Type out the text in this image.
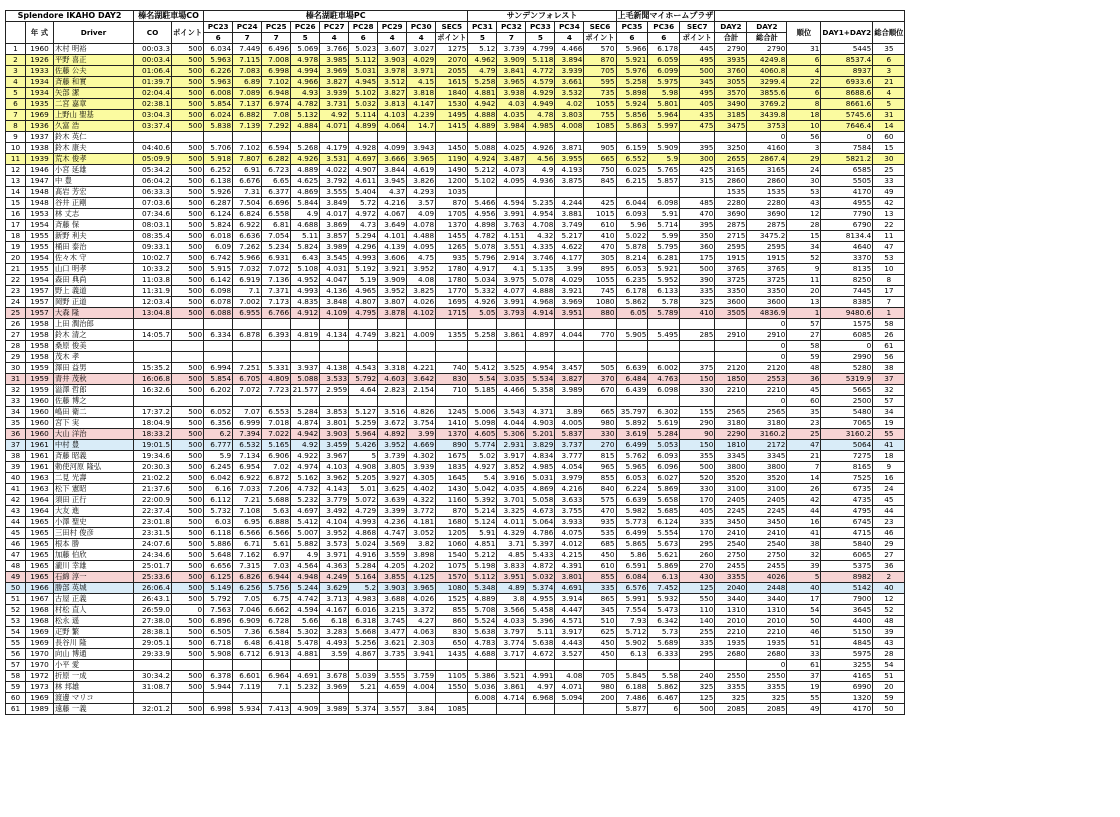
Splendore IKAHO DAY2			榛名湖駐車場CO		榛名湖駐車場PC									サンデンフォレスト					上毛新聞マイホームプラザ							
	年 式	Driver	CO	ポイント	PC23	PC24	PC25	PC26	PC27	PC28	PC29	PC30	SEC5	PC31	PC32	PC33	PC34	SEC6	PC35	PC36	SEC7	DAY2	DAY2	順位	DAY1+DAY2	総合順位
					6	7	7	5	4	6	4	4	ポイント	5	7	5	4	ポイント	6	6	ポイント	合計	総合計			
1	1960	木村 明裕	00:03.3	500	6.034	7.449	6.496	5.069	3.766	5.023	3.607	3.027	1275	5.12	3.739	4.799	4.466	570	5.966	6.178	445	2790	2790	31	5445	35
2	1926	平野 喜正	00:03.4	500	5.963	7.115	7.008	4.978	3.985	5.112	3.903	4.029	2070	4.962	3.909	5.118	3.894	870	5.921	6.059	495	3935	4249.8	6	8537.4	6
3	1933	佐藤 公夫	01:06.4	500	6.226	7.083	6.998	4.994	3.969	5.031	3.978	3.971	2055	4.79	3.841	4.772	3.939	705	5.976	6.099	500	3760	4060.8	4	8937	3
4	1934	斉藤 和實	01:39.7	500	5.963	6.89	7.102	4.966	3.827	4.945	3.512	4.15	1615	5.258	3.965	4.579	3.661	595	5.258	5.975	345	3055	3299.4	22	6933.6	21
5	1934	矢部 潔	02:04.4	500	6.008	7.089	6.948	4.93	3.939	5.102	3.827	3.818	1840	4.881	3.938	4.929	3.532	735	5.898	5.98	495	3570	3855.6	6	8688.6	4
6	1935	二宮 嘉章	02:38.1	500	5.854	7.137	6.974	4.782	3.731	5.032	3.813	4.147	1530	4.942	4.03	4.949	4.02	1055	5.924	5.801	405	3490	3769.2	8	8661.6	5
7	1969	上野山 聖基	03:04.3	500	6.024	6.882	7.08	5.132	4.92	5.114	4.103	4.239	1495	4.888	4.035	4.78	3.803	755	5.856	5.964	435	3185	3439.8	18	5745.6	31
8	1936	久富 浩	03:37.4	500	5.838	7.139	7.292	4.884	4.071	4.899	4.064	14.7	1415	4.889	3.984	4.985	4.008	1085	5.863	5.997	475	3475	3753	10	7646.4	14
9	1937	鈴木 英仁																					0	56	0	60
10	1938	鈴木 康夫	04:40.6	500	5.706	7.102	6.594	5.268	4.179	4.928	4.099	3.943	1450	5.088	4.025	4.926	3.871	905	6.159	5.909	395	3250	4160	3	7584	15
11	1939	荒木 俊孝	05:09.9	500	5.918	7.807	6.282	4.926	3.531	4.697	3.666	3.965	1190	4.924	3.487	4.56	3.955	665	6.552	5.9	300	2655	2867.4	29	5821.2	30
12	1946	小宮 延雄	05:34.2	500	6.252	6.91	6.723	4.889	4.022	4.907	3.844	4.619	1490	5.212	4.073	4.9	4.193	750	6.025	5.765	425	3165	3165	24	6585	25
13	1947	中 豊	06:04.2	500	6.138	6.676	6.65	4.625	3.792	4.611	3.945	3.826	1200	5.102	4.095	4.936	3.875	845	6.215	5.857	315	2860	2860	30	5505	33
14	1948	髙岩 芳宏	06:33.3	500	5.926	7.31	6.377	4.869	3.555	5.404	4.37	4.293	1035									1535	1535	53	4170	49
15	1948	谷井 正剛	07:03.6	500	6.287	7.504	6.696	5.844	3.849	5.72	4.216	3.57	870	5.466	4.594	5.235	4.244	425	6.044	6.098	485	2280	2280	43	4955	42
16	1953	林 丈志	07:34.6	500	6.124	6.824	6.558	4.9	4.017	4.972	4.067	4.09	1705	4.956	3.991	4.954	3.881	1015	6.093	5.91	470	3690	3690	12	7790	13
17	1954	斉藤 保	08:03.1	500	5.824	6.922	6.81	4.688	3.869	4.73	3.649	4.078	1370	4.898	3.763	4.708	3.749	610	5.96	5.714	395	2875	2875	28	6790	22
18	1955	新野 利夫	08:35.4	500	6.018	6.636	7.054	5.11	3.857	5.294	4.101	4.488	1455	4.782	4.151	4.32	5.217	410	5.022	5.99	350	2715	3475.2	15	8134.4	11
19	1955	桶田 泰治	09:33.1	500	6.09	7.262	5.234	5.824	3.989	4.296	4.139	4.095	1265	5.078	3.551	4.335	4.622	470	5.878	5.795	360	2595	2595	34	4640	47
20	1954	佐々木 守	10:02.7	500	6.742	5.966	6.931	6.43	3.545	4.993	3.606	4.75	935	5.796	2.914	3.746	4.177	305	8.214	6.281	175	1915	1915	52	3370	53
21	1955	山口 明孝	10:33.2	500	5.915	7.032	7.072	5.108	4.031	5.192	3.921	3.952	1780	4.917	4.1	5.135	3.99	895	6.053	5.921	500	3765	3765	9	8135	10
22	1954	森田 典尚	11:03.8	500	6.142	6.919	7.136	4.952	4.047	5.19	3.909	4.08	1780	5.034	3.975	5.078	4.029	1055	6.235	5.952	390	3725	3725	11	8250	8
23	1957	野上 義道	11:31.9	500	6.098	7.1	7.371	4.993	4.136	4.965	3.952	3.825	1770	5.332	4.077	4.888	3.921	745	6.178	6.133	335	3350	3350	20	7445	17
24	1957	岡野 正道	12:03.4	500	6.078	7.002	7.173	4.835	3.848	4.807	3.807	4.026	1695	4.926	3.991	4.968	3.969	1080	5.862	5.78	325	3600	3600	13	8385	7
25	1957	大森 隆	13:04.8	500	6.088	6.955	6.766	4.912	4.109	4.795	3.878	4.102	1715	5.05	3.793	4.914	3.951	880	6.05	5.789	410	3505	4836.9	1	9480.6	1
26	1958	上田 潤治郎																					0	57	1575	58
27	1958	鈴木 清之	14:05.7	500	6.334	6.878	6.393	4.819	4.134	4.749	3.821	4.009	1355	5.258	3.861	4.897	4.044	770	5.905	5.495	285	2910	2910	27	6085	26
28	1958	桑原 俊美																					0	58	0	61
29	1958	茂木 孝																					0	59	2990	56
30	1959	澤田 益男	15:35.2	500	6.994	7.251	5.331	3.937	4.138	4.543	3.318	4.221	740	5.412	3.525	4.954	3.457	505	6.639	6.002	375	2120	2120	48	5280	38
31	1959	青井 茂秋	16:06.8	500	5.854	6.705	4.809	5.088	3.533	5.792	4.603	3.642	830	5.54	3.035	5.534	3.827	370	6.484	4.763	150	1850	2553	36	5319.9	37
32	1959	溢澤 哲郎	16:32.6	500	6.202	7.072	7.723	21.577	2.959	4.64	2.823	2.154	710	5.185	4.466	5.358	3.989	670	6.439	6.098	330	2210	2210	45	5665	32
33	1960	佐藤 博之																					0	60	2500	57
34	1960	嶋田 衛二	17:37.2	500	6.052	7.07	6.553	5.284	3.853	5.127	3.516	4.826	1245	5.006	3.543	4.371	3.89	665	35.797	6.302	155	2565	2565	35	5480	34
35	1960	宮下 実	18:04.9	500	6.356	6.999	7.018	4.874	3.801	5.259	3.672	3.754	1410	5.098	4.044	4.903	4.005	980	5.892	5.619	290	3180	3180	23	7065	19
36	1960	大山 洋治	18:33.2	500	6.2	7.394	7.022	4.942	3.903	5.964	4.892	3.99	1370	4.605	5.306	5.201	5.837	330	3.619	5.284	90	2290	3160.2	25	3160.2	55
37	1961	中村 豊	19:01.5	500	6.777	6.532	5.165	4.92	3.459	5.426	3.952	4.669	890	5.774	2.931	3.829	3.737	270	6.499	5.053	150	1810	2172	47	5064	41
38	1961	斉藤 昭義	19:34.6	500	5.9	7.134	6.906	4.922	3.967	5	3.739	4.302	1675	5.02	3.917	4.834	3.777	815	5.762	6.093	355	3345	3345	21	7275	18
39	1961	勅使河原 隆弘	20:30.3	500	6.245	6.954	7.02	4.974	4.103	4.908	3.805	3.939	1835	4.927	3.852	4.985	4.054	965	5.965	6.096	500	3800	3800	7	8165	9
40	1963	二見 光壽	21:02.2	500	6.042	6.922	6.872	5.162	3.962	5.205	3.927	4.305	1645	5.4	3.916	5.031	3.979	855	6.053	6.027	520	3520	3520	14	7525	16
41	1963	松下 憲昭	21:37.6	500	6.16	7.033	7.206	4.732	4.143	5.01	3.625	4.402	1430	5.042	4.035	4.869	4.216	840	6.224	5.869	330	3100	3100	26	6735	24
42	1964	須田 正行	22:00.9	500	6.112	7.21	5.688	5.232	3.779	5.072	3.639	4.322	1160	5.392	3.701	5.058	3.633	575	6.639	5.658	170	2405	2405	42	4735	45
43	1964	大友 進	22:37.4	500	5.732	7.108	5.63	4.697	3.492	4.729	3.399	3.772	870	5.214	3.325	4.673	3.755	470	5.982	5.685	405	2245	2245	44	4795	44
44	1965	小澤 聖史	23:01.8	500	6.03	6.95	6.888	5.412	4.104	4.993	4.236	4.181	1680	5.124	4.011	5.064	3.933	935	5.773	6.124	335	3450	3450	16	6745	23
45	1965	三田村 俊彦	23:31.5	500	6.118	6.566	6.566	5.007	3.952	4.868	4.747	3.052	1205	5.91	4.329	4.786	4.075	535	6.499	5.554	170	2410	2410	41	4715	46
46	1965	根本 勝	24:07.6	500	5.886	6.71	5.61	5.882	3.573	5.024	3.569	3.82	1060	4.851	3.71	5.397	4.012	685	5.865	5.673	295	2540	2540	38	5840	29
47	1965	加藤 伯欣	24:34.6	500	5.648	7.162	6.97	4.9	3.971	4.916	3.559	3.898	1540	5.212	4.85	5.433	4.215	450	5.86	5.621	260	2750	2750	32	6065	27
48	1965	瀧川 幸雄	25:01.7	500	6.656	7.315	7.03	4.564	4.363	5.284	4.205	4.202	1075	5.198	3.833	4.872	4.391	610	6.591	5.869	270	2455	2455	39	5375	36
49	1965	石綿 淳一	25:33.6	500	6.125	6.826	6.944	4.948	4.249	5.164	3.855	4.125	1570	5.112	3.951	5.032	3.801	855	6.084	6.13	430	3355	4026	5	8982	2
50	1966	勝部 英城	26:06.4	500	5.149	6.256	5.756	5.244	3.629	5.2	3.903	3.965	1080	5.348	4.89	5.374	4.691	335	6.576	7.452	125	2040	2448	40	5142	40
51	1967	古屋 正義	26:43.1	500	5.792	7.05	6.75	4.742	3.713	4.983	3.688	4.026	1525	4.889	3.8	4.955	3.914	865	5.991	5.932	550	3440	3440	17	7900	12
52	1968	村松 直人	26:59.0	0	7.563	7.046	6.662	4.594	4.167	6.016	3.215	3.372	855	5.708	3.566	5.458	4.447	345	7.554	5.473	110	1310	1310	54	3645	52
53	1968	松永 遥	27:38.0	500	6.896	6.909	6.728	5.66	6.18	6.318	3.745	4.27	860	5.524	4.033	5.396	4.571	510	7.93	6.342	140	2010	2010	50	4400	48
54	1969	疋野 繁	28:38.1	500	6.505	7.36	6.584	5.302	3.283	5.668	3.477	4.063	830	5.638	3.797	5.11	3.917	625	5.712	5.73	255	2210	2210	46	5150	39
55	1969	長谷川 隆	29:05.1	500	6.718	6.48	6.418	5.478	4.493	5.256	3.621	2.303	650	4.783	3.774	5.638	4.443	450	5.902	5.689	335	1935	1935	51	4845	43
56	1970	向山 博通	29:33.9	500	5.908	6.712	6.913	4.881	3.59	4.867	3.735	3.941	1435	4.688	3.717	4.672	3.527	450	6.13	6.333	295	2680	2680	33	5975	28
57	1970	小平 愛																					0	61	3255	54
58	1972	折原 一成	30:34.2	500	6.378	6.601	6.964	4.691	3.678	5.039	3.555	3.759	1105	5.386	3.521	4.991	4.08	705	5.845	5.58	240	2550	2550	37	4165	51
59	1973	林 邦雄	31:08.7	500	5.944	7.119	7.1	5.232	3.969	5.21	4.659	4.004	1550	5.036	3.861	4.97	4.071	980	6.188	5.862	325	3355	3355	19	6990	20
60	1969	渡邊 マリコ												6.008	4.714	6.968	5.094	200	7.486	6.467	125	325	325	55	1320	59
61	1989	遠藤 一義	32:01.2	500	6.998	5.934	7.413	4.909	3.989	5.374	3.557	3.84	1085						5.877	6	500	2085	2085	49	4170	50
